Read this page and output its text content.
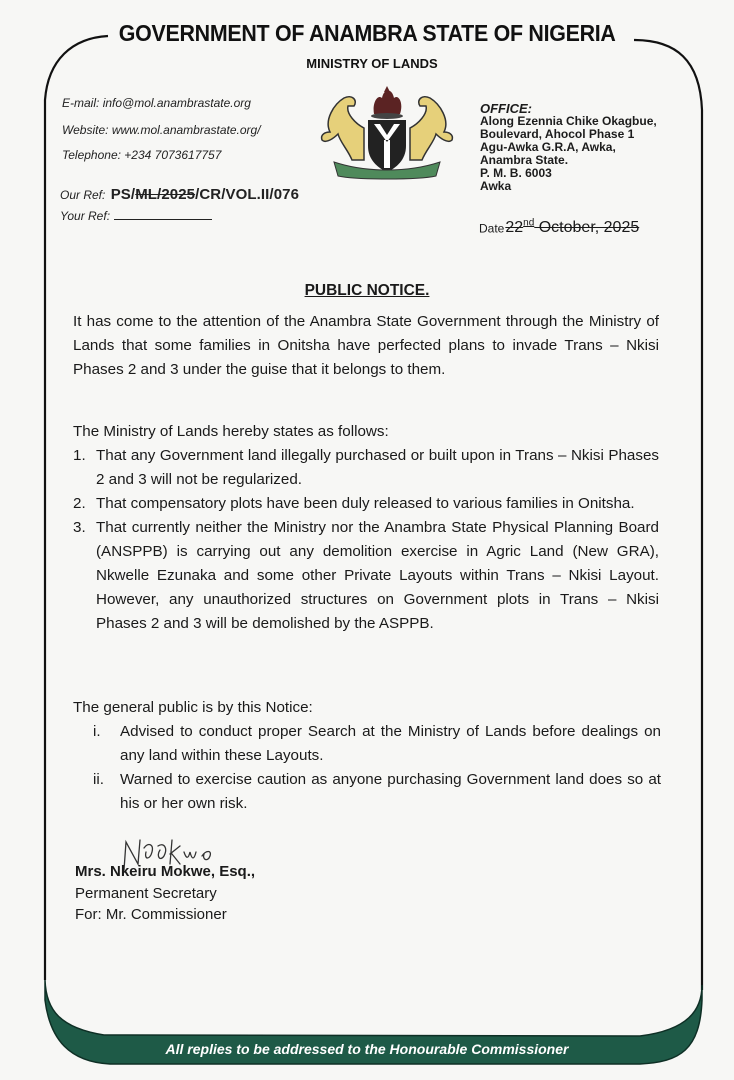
GOVERNMENT OF ANAMBRA STATE OF NIGERIA
MINISTRY OF LANDS
E-mail: info@mol.anambrastate.org
Website: www.mol.anambrastate.org/
Telephone: +234 7073617757
Our Ref: PS/ML/2025/CR/VOL.II/076
Your Ref:
OFFICE:
Along Ezennia Chike Okagbue,
Boulevard, Ahocol Phase 1
Agu-Awka G.R.A, Awka,
Anambra State.
P. M. B. 6003
Awka
Date22nd October, 2025
PUBLIC NOTICE.
It has come to the attention of the Anambra State Government through the Ministry of Lands that some families in Onitsha have perfected plans to invade Trans – Nkisi Phases 2 and 3 under the guise that it belongs to them.
The Ministry of Lands hereby states as follows:
1. That any Government land illegally purchased or built upon in Trans – Nkisi Phases 2 and 3 will not be regularized.
2. That compensatory plots have been duly released to various families in Onitsha.
3. That currently neither the Ministry nor the Anambra State Physical Planning Board (ANSPPB) is carrying out any demolition exercise in Agric Land (New GRA), Nkwelle Ezunaka and some other Private Layouts within Trans – Nkisi Layout. However, any unauthorized structures on Government plots in Trans – Nkisi Phases 2 and 3 will be demolished by the ASPPB.
The general public is by this Notice:
i.	Advised to conduct proper Search at the Ministry of Lands before dealings on any land within these Layouts.
ii.	Warned to exercise caution as anyone purchasing Government land does so at his or her own risk.
Mrs. Nkeiru Mokwe, Esq.,
Permanent Secretary
For: Mr. Commissioner
All replies to be addressed to the Honourable Commissioner
